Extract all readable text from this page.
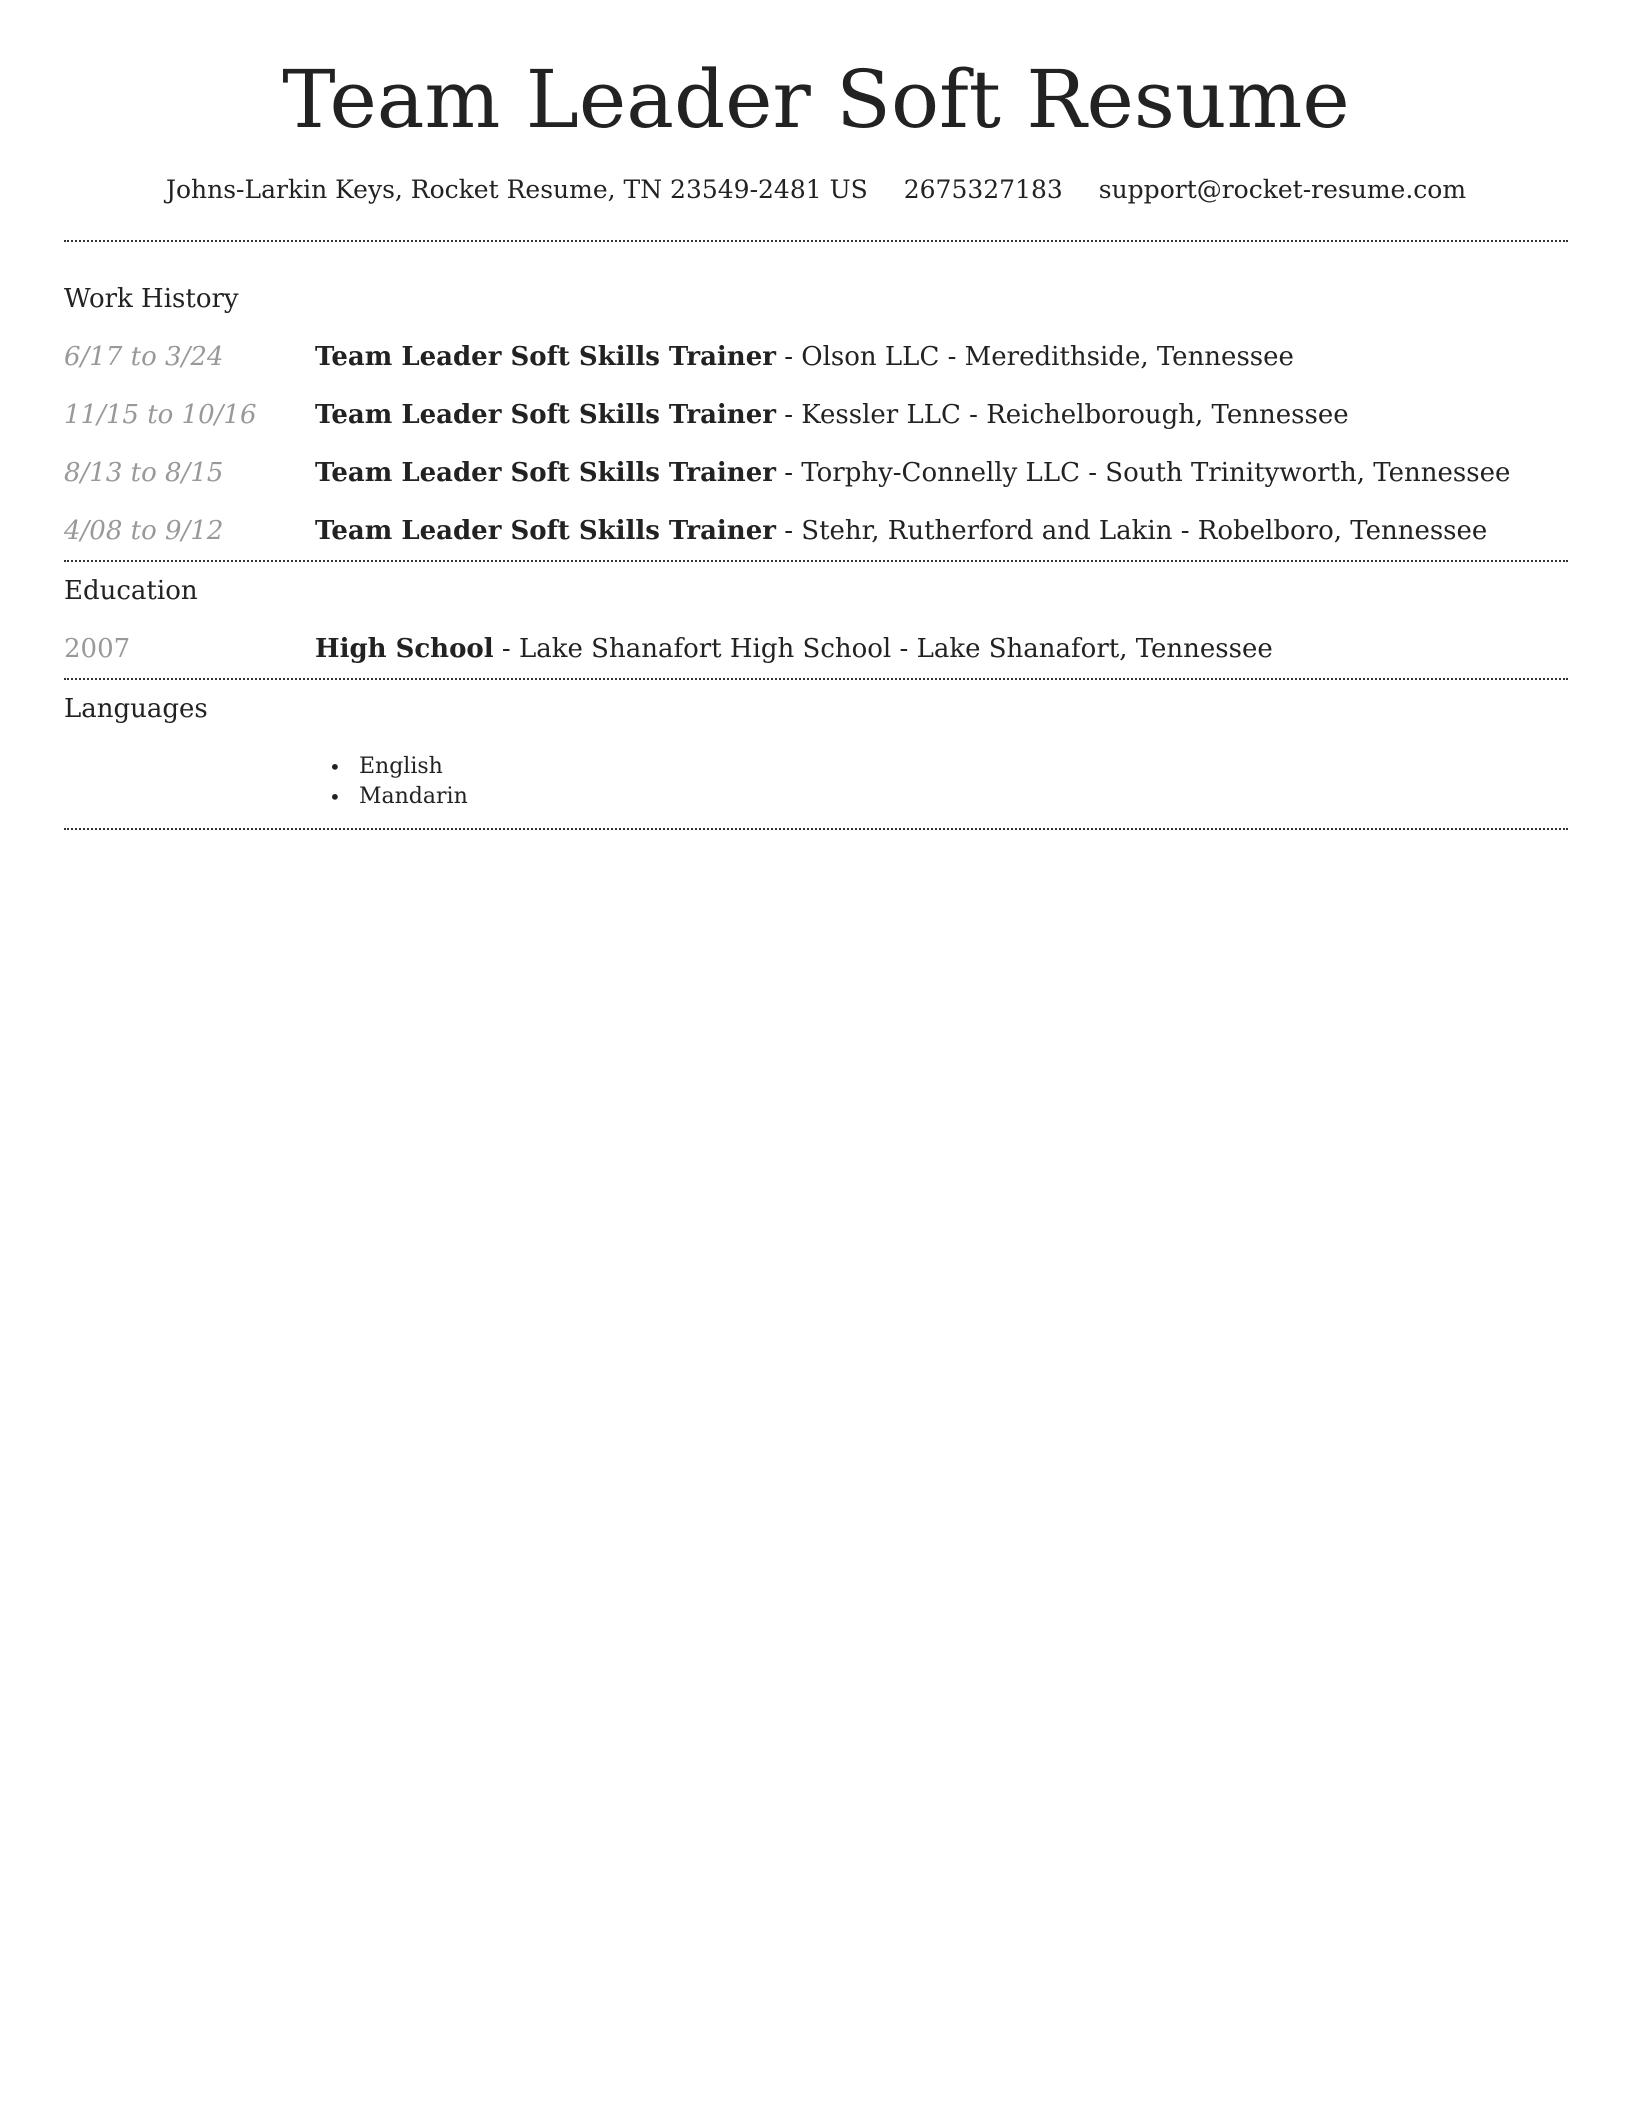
Team Leader Soft Resume
Johns-Larkin Keys, Rocket Resume, TN 23549-2481 US 2675327183 support@rocket-resume.com
Work History
6/17 to 3/24	Team Leader Soft Skills Trainer - Olson LLC - Meredithside, Tennessee
11/15 to 10/16	Team Leader Soft Skills Trainer - Kessler LLC - Reichelborough, Tennessee
8/13 to 8/15	Team Leader Soft Skills Trainer - Torphy-Connelly LLC - South Trinityworth, Tennessee
4/08 to 9/12	Team Leader Soft Skills Trainer - Stehr, Rutherford and Lakin - Robelboro, Tennessee
Education
2007	High School - Lake Shanafort High School - Lake Shanafort, Tennessee
Languages
• English
• Mandarin
